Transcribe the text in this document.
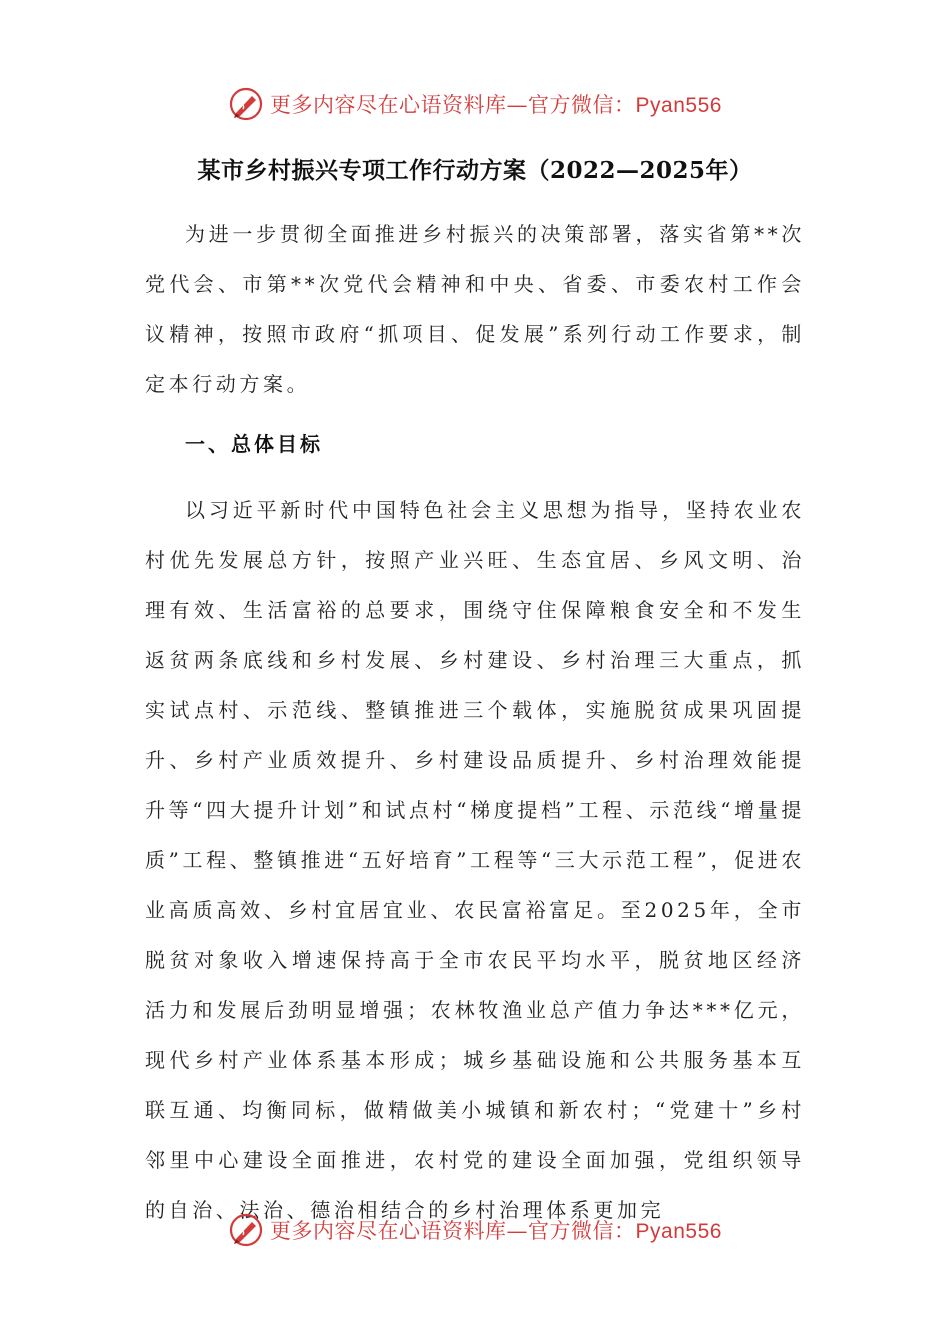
更多内容尽在心语资料库—官方微信：Pyan556
某市乡村振兴专项工作行动方案（2022—2025年）

为进一步贯彻全面推进乡村振兴的决策部署，落实省第**次党代会、市第**次党代会精神和中央、省委、市委农村工作会议精神，按照市政府“抓项目、促发展”系列行动工作要求，制定本行动方案。

一、总体目标

以习近平新时代中国特色社会主义思想为指导，坚持农业农村优先发展总方针，按照产业兴旺、生态宜居、乡风文明、治理有效、生活富裕的总要求，围绕守住保障粮食安全和不发生返贫两条底线和乡村发展、乡村建设、乡村治理三大重点，抓实试点村、示范线、整镇推进三个载体，实施脱贫成果巩固提升、乡村产业质效提升、乡村建设品质提升、乡村治理效能提升等“四大提升计划”和试点村“梯度提档”工程、示范线“增量提质”工程、整镇推进“五好培育”工程等“三大示范工程”，促进农业高质高效、乡村宜居宜业、农民富裕富足。至2025年，全市脱贫对象收入增速保持高于全市农民平均水平，脱贫地区经济活力和发展后劲明显增强；农林牧渔业总产值力争达***亿元，现代乡村产业体系基本形成；城乡基础设施和公共服务基本互联互通、均衡同标，做精做美小城镇和新农村；“党建十”乡村邻里中心建设全面推进，农村党的建设全面加强，党组织领导的自治、法治、德治相结合的乡村治理体系更加完

更多内容尽在心语资料库—官方微信：Pyan556
